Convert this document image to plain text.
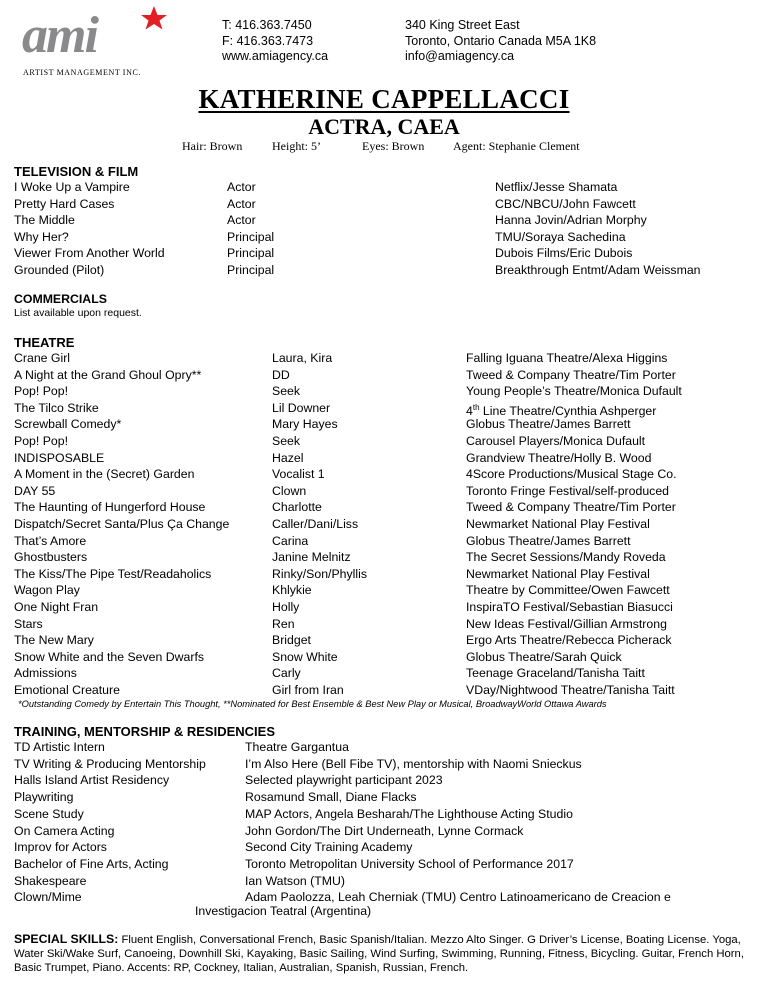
ami
ARTIST MANAGEMENT INC.
T: 416.363.7450
F: 416.363.7473
www.amiagency.ca
340 King Street East
Toronto, Ontario Canada M5A 1K8
info@amiagency.ca
KATHERINE CAPPELLACCI
ACTRA, CAEA
Hair: Brown Height: 5’	Eyes: Brown Agent: Stephanie Clement
TELEVISION & FILM
I Woke Up a Vampire	Actor	Netflix/Jesse Shamata
Pretty Hard Cases	Actor	CBC/NBCU/John Fawcett
The Middle	Actor	Hanna Jovin/Adrian Morphy
Why Her?	Principal	TMU/Soraya Sachedina
Viewer From Another World	Principal	Dubois Films/Eric Dubois
Grounded (Pilot)	Principal	Breakthrough Entmt/Adam Weissman
COMMERCIALS
List available upon request.
THEATRE
Crane Girl	Laura, Kira	Falling Iguana Theatre/Alexa Higgins
A Night at the Grand Ghoul Opry**	DD	Tweed & Company Theatre/Tim Porter
Pop! Pop!	Seek	Young People’s Theatre/Monica Dufault
The Tilco Strike	Lil Downer	4th Line Theatre/Cynthia Ashperger
Screwball Comedy*	Mary Hayes	Globus Theatre/James Barrett
Pop! Pop!	Seek	Carousel Players/Monica Dufault
INDISPOSABLE	Hazel	Grandview Theatre/Holly B. Wood
A Moment in the (Secret) Garden	Vocalist 1	4Score Productions/Musical Stage Co.
DAY 55	Clown	Toronto Fringe Festival/self-produced
The Haunting of Hungerford House	Charlotte	Tweed & Company Theatre/Tim Porter
Dispatch/Secret Santa/Plus Ça Change	Caller/Dani/Liss	Newmarket National Play Festival
That’s Amore	Carina	Globus Theatre/James Barrett
Ghostbusters	Janine Melnitz	The Secret Sessions/Mandy Roveda
The Kiss/The Pipe Test/Readaholics	Rinky/Son/Phyllis	Newmarket National Play Festival
Wagon Play	Khlykie	Theatre by Committee/Owen Fawcett
One Night Fran	Holly	InspiraTO Festival/Sebastian Biasucci
Stars	Ren	New Ideas Festival/Gillian Armstrong
The New Mary	Bridget	Ergo Arts Theatre/Rebecca Picherack
Snow White and the Seven Dwarfs	Snow White	Globus Theatre/Sarah Quick
Admissions	Carly	Teenage Graceland/Tanisha Taitt
Emotional Creature	Girl from Iran	VDay/Nightwood Theatre/Tanisha Taitt
*Outstanding Comedy by Entertain This Thought, **Nominated for Best Ensemble & Best New Play or Musical, BroadwayWorld Ottawa Awards
TRAINING, MENTORSHIP & RESIDENCIES
TD Artistic Intern	Theatre Gargantua
TV Writing & Producing Mentorship	I’m Also Here (Bell Fibe TV), mentorship with Naomi Snieckus
Halls Island Artist Residency	Selected playwright participant 2023
Playwriting	Rosamund Small, Diane Flacks
Scene Study	MAP Actors, Angela Besharah/The Lighthouse Acting Studio
On Camera Acting	John Gordon/The Dirt Underneath, Lynne Cormack
Improv for Actors	Second City Training Academy
Bachelor of Fine Arts, Acting	Toronto Metropolitan University School of Performance 2017
Shakespeare	Ian Watson (TMU)
Clown/Mime	Adam Paolozza, Leah Cherniak (TMU) Centro Latinoamericano de Creacion e
Investigacion Teatral (Argentina)
SPECIAL SKILLS: Fluent English, Conversational French, Basic Spanish/Italian. Mezzo Alto Singer. G Driver’s License, Boating License. Yoga, Water Ski/Wake Surf, Canoeing, Downhill Ski, Kayaking, Basic Sailing, Wind Surfing, Swimming, Running, Fitness, Bicycling. Guitar, French Horn, Basic Trumpet, Piano. Accents: RP, Cockney, Italian, Australian, Spanish, Russian, French.
